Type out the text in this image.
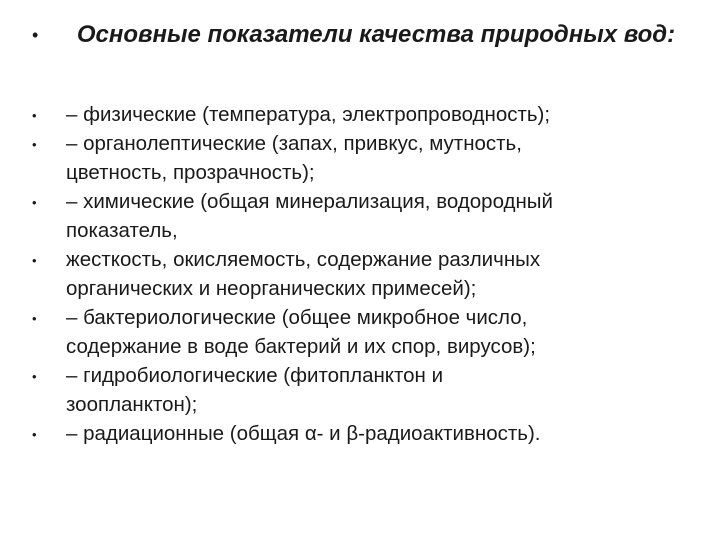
•	Основные показатели качества природных вод:
•	– физические (температура, электропроводность);
•	– органолептические (запах, привкус, мутность,
цветность, прозрачность);
•	– химические (общая минерализация, водородный
показатель,
•	жесткость, окисляемость, содержание различных
органических и неорганических примесей);
•	– бактериологические (общее микробное число,
содержание в воде бактерий и их спор, вирусов);
•	– гидробиологические (фитопланктон и
зоопланктон);
•	– радиационные (общая α- и β-радиоактивность).
